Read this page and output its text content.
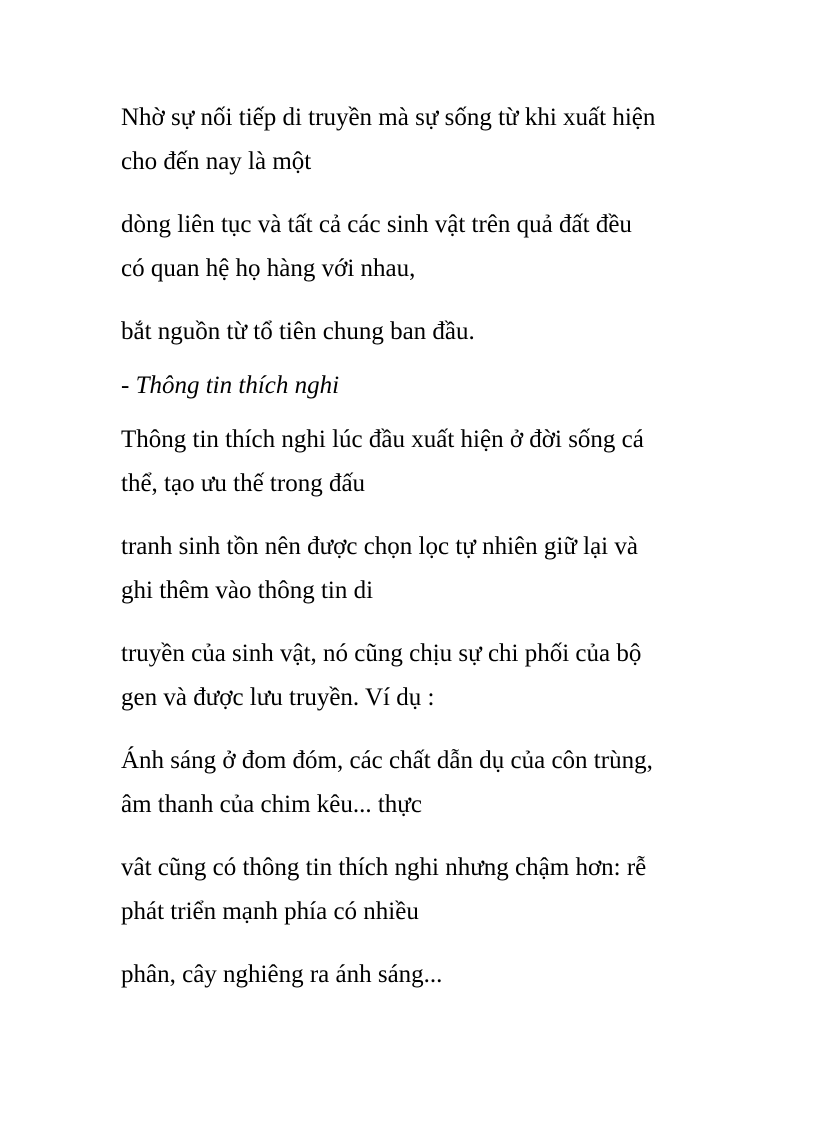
Nhờ sự nối tiếp di truyền mà sự sống từ khi xuất hiện
cho đến nay là một

dòng liên tục và tất cả các sinh vật trên quả đất đều
có quan hệ họ hàng với nhau,

bắt nguồn từ tổ tiên chung ban đầu.

- Thông tin thích nghi

Thông tin thích nghi lúc đầu xuất hiện ở đời sống cá
thể, tạo ưu thế trong đấu

tranh sinh tồn nên được chọn lọc tự nhiên giữ lại và
ghi thêm vào thông tin di

truyền của sinh vật, nó cũng chịu sự chi phối của bộ
gen và được lưu truyền. Ví dụ :

Ánh sáng ở đom đóm, các chất dẫn dụ của côn trùng,
âm thanh của chim kêu... thực

vât cũng có thông tin thích nghi nhưng chậm hơn: rễ
phát triển mạnh phía có nhiều

phân, cây nghiêng ra ánh sáng...
